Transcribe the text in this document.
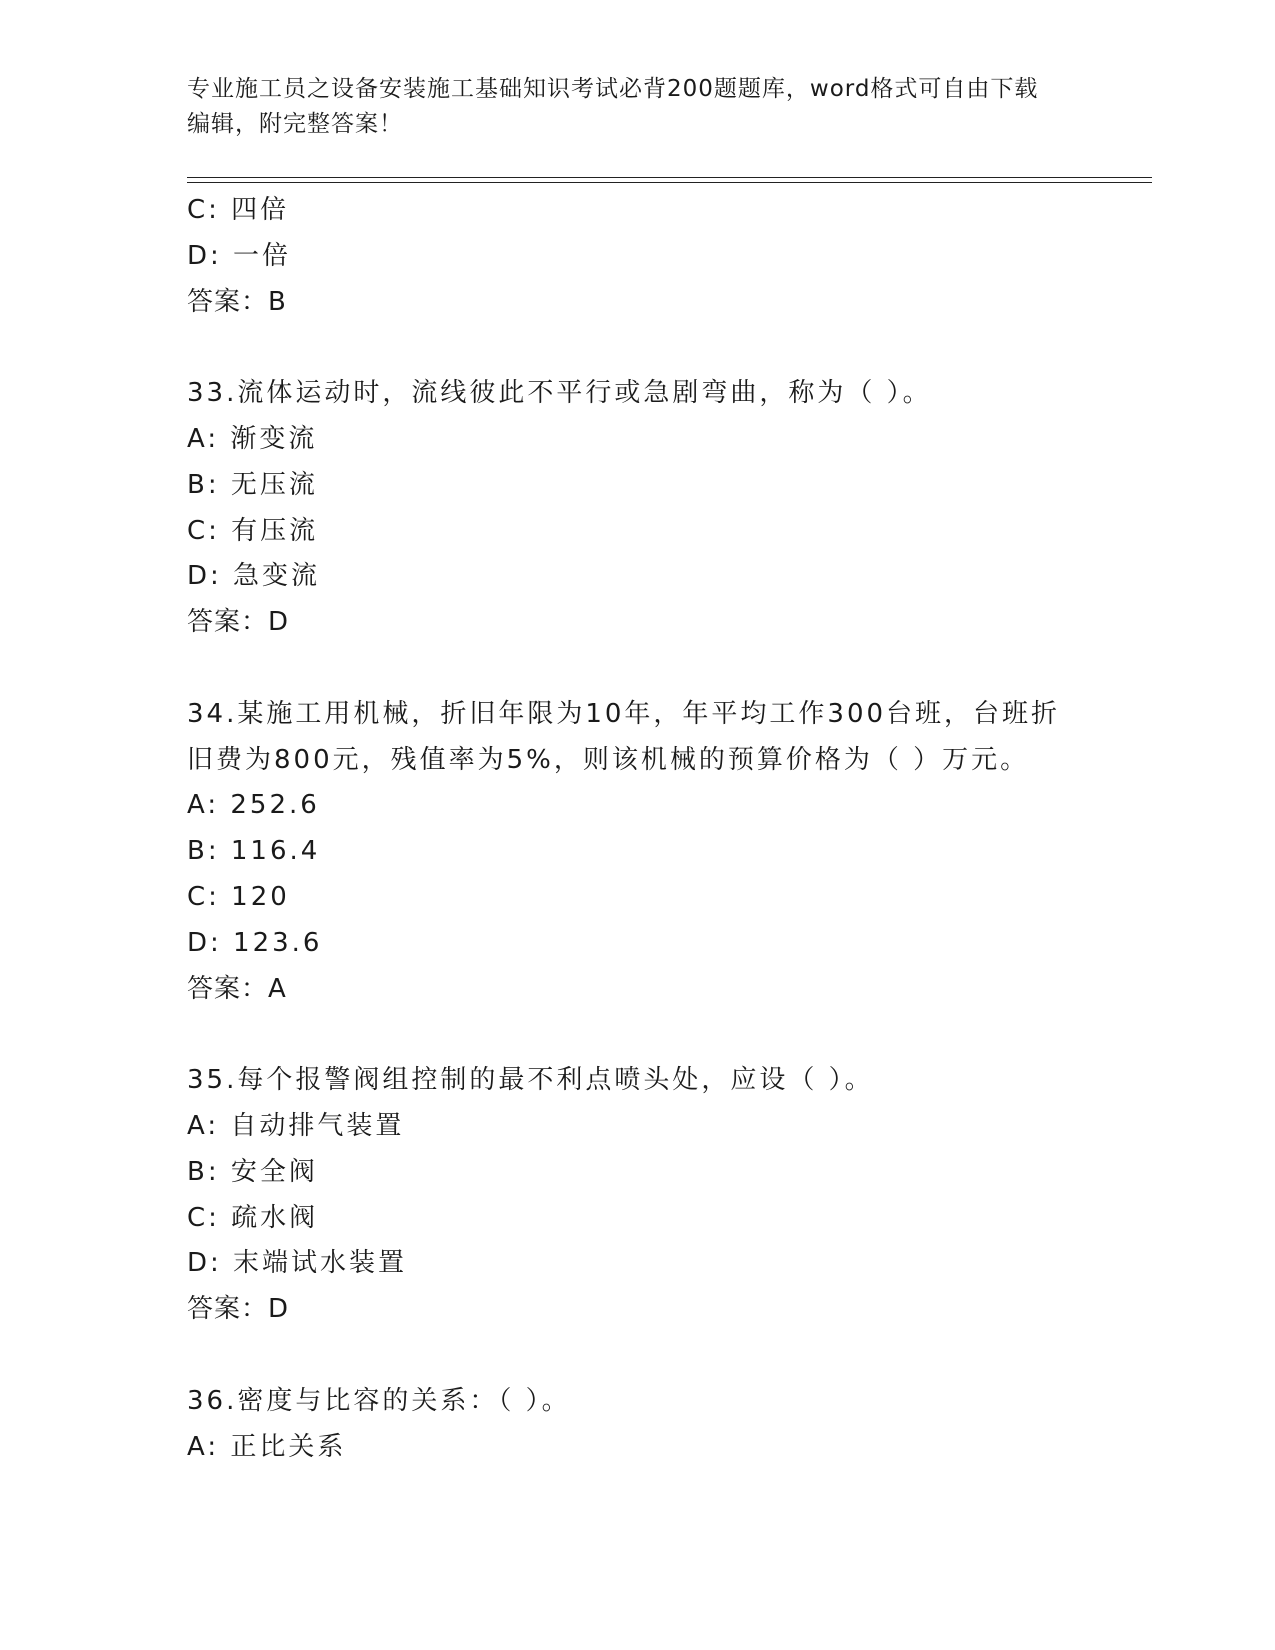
专业施工员之设备安装施工基础知识考试必背200题题库，word格式可自由下载
编辑，附完整答案！
C: 四倍
D: 一倍
答案：B
33.流体运动时，流线彼此不平行或急剧弯曲，称为（ ）。
A: 渐变流
B: 无压流
C: 有压流
D: 急变流
答案：D
34.某施工用机械，折旧年限为10年，年平均工作300台班，台班折
旧费为800元，残值率为5%，则该机械的预算价格为（ ）万元。
A: 252.6
B: 116.4
C: 120
D: 123.6
答案：A
35.每个报警阀组控制的最不利点喷头处，应设（ ）。
A: 自动排气装置
B: 安全阀
C: 疏水阀
D: 末端试水装置
答案：D
36.密度与比容的关系：（ ）。
A: 正比关系
